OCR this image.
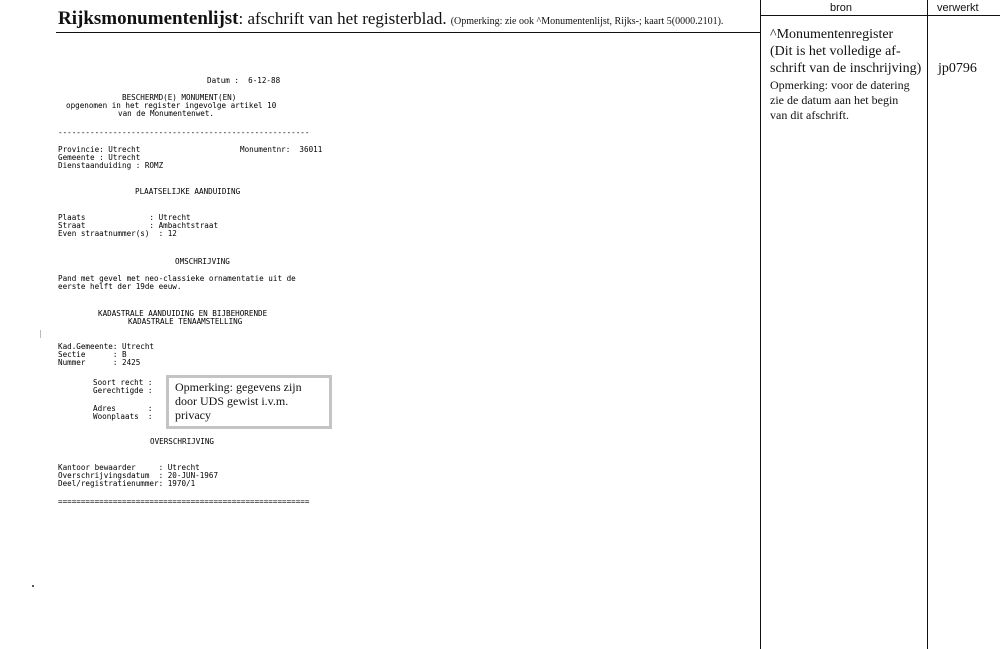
Rijksmonumentenlijst: afschrift van het registerblad. (Opmerking: zie ook ^Monumentenlijst, Rijks-; kaart 5(0000.2101).
bron	verwerkt
^Monumentenregister
(Dit is het volledige af-
schrift van de inschrijving)
Opmerking: voor de datering
zie de datum aan het begin
van dit afschrift.
jp0796
Datum :  6-12-88
BESCHERMD(E) MONUMENT(EN)
opgenomen in het register ingevolge artikel 10
van de Monumentenwet.
-------------------------------------------------------
Provincie: Utrecht	Monumentnr:  36011
Gemeente : Utrecht
Dienstaanduiding : ROMZ
PLAATSELIJKE AANDUIDING
Plaats              : Utrecht
Straat              : Ambachtstraat
Even straatnummer(s)  : 12
OMSCHRIJVING
Pand met gevel met neo-classieke ornamentatie uit de
eerste helft der 19de eeuw.
KADASTRALE AANDUIDING EN BIJBEHORENDE
KADASTRALE TENAAMSTELLING
Kad.Gemeente: Utrecht
Sectie      : B
Nummer      : 2425
Soort recht :
Gerechtigde :
Adres       :
Woonplaats  :
Opmerking: gegevens zijn door UDS gewist i.v.m. privacy
OVERSCHRIJVING
Kantoor bewaarder     : Utrecht
Overschrijvingsdatum  : 20-JUN-1967
Deel/registratienummer: 1970/1
=======================================================
